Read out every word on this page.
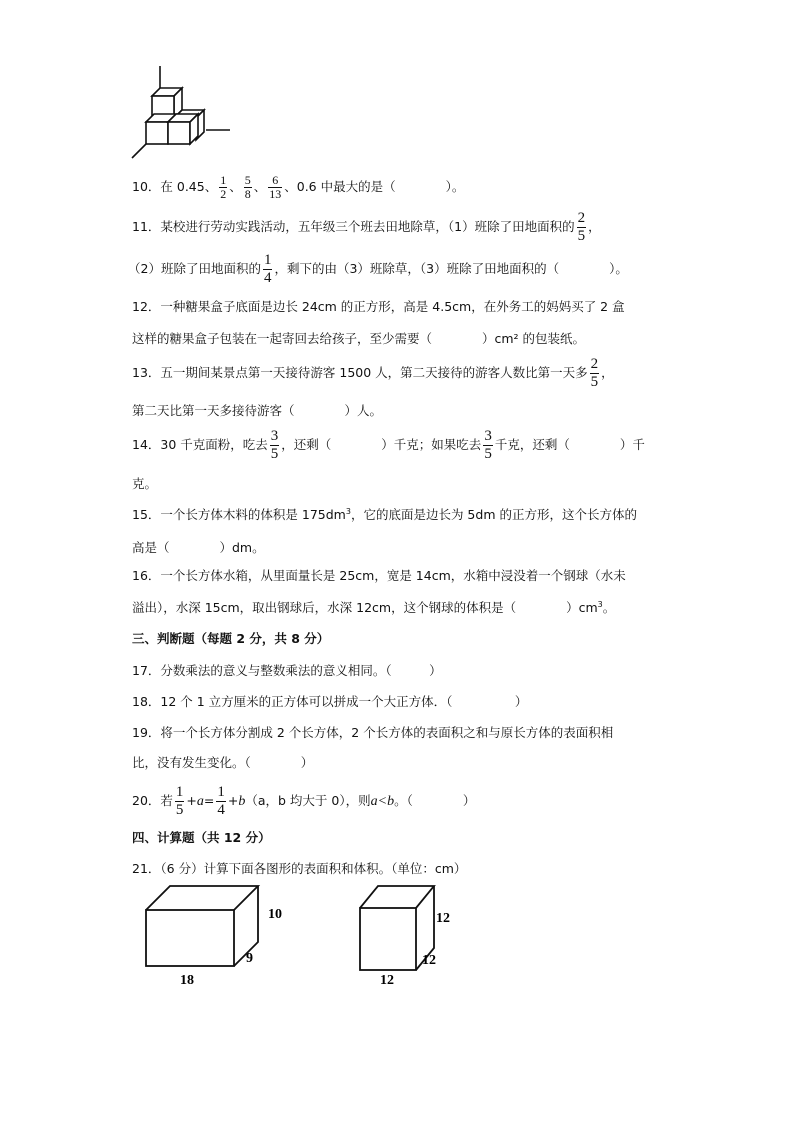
10．在 0.45、 $\frac{1}{2}$ 、 $\frac{5}{8}$ 、 $\frac{6}{13}$ 、0.6 中最大的是（　　　　）。
11．某校进行劳动实践活动，五年级三个班去田地除草，（1）班除了田地面积的 $\frac{2}{5}$ ，
（2）班除了田地面积的 $\frac{1}{4}$ ，剩下的由（3）班除草，（3）班除了田地面积的（　　　　）。
12．一种糖果盒子底面是边长 24cm 的正方形，高是 4.5cm，在外务工的妈妈买了 2 盒
这样的糖果盒子包装在一起寄回去给孩子，至少需要（　　　　）cm² 的包装纸。
13．五一期间某景点第一天接待游客 1500 人，第二天接待的游客人数比第一天多 $\frac{2}{5}$ ，
第二天比第一天多接待游客（　　　　）人。
14．30 千克面粉，吃去 $\frac{3}{5}$ ，还剩（　　　　）千克；如果吃去 $\frac{3}{5}$ 千克，还剩（　　　　）千
克。
15．一个长方体木料的体积是 $175dm^3$，它的底面是边长为 5dm 的正方形，这个长方体的
高是（　　　　）dm。
16．一个长方体水箱，从里面量长是 25cm，宽是 14cm，水箱中浸没着一个钢球（水未
溢出），水深 15cm，取出钢球后，水深 12cm，这个钢球的体积是（　　　　）$cm^3$。
三、判断题（每题 2 分，共 8 分）
17．分数乘法的意义与整数乘法的意义相同。（　　　）
18．12 个 1 立方厘米的正方体可以拼成一个大正方体．（　　　　　）
19．将一个长方体分割成 2 个长方体，2 个长方体的表面积之和与原长方体的表面积相
比，没有发生变化。（　　　　）
20．若 $\frac{1}{5} +a= \frac{1}{4} +b(a$，b 均大于 0），则a<b。（　　　　）
四、计算题（共 12 分）
21．（6 分）计算下面各图形的表面积和体积。（单位：cm）
10
9
18
12
12
12
